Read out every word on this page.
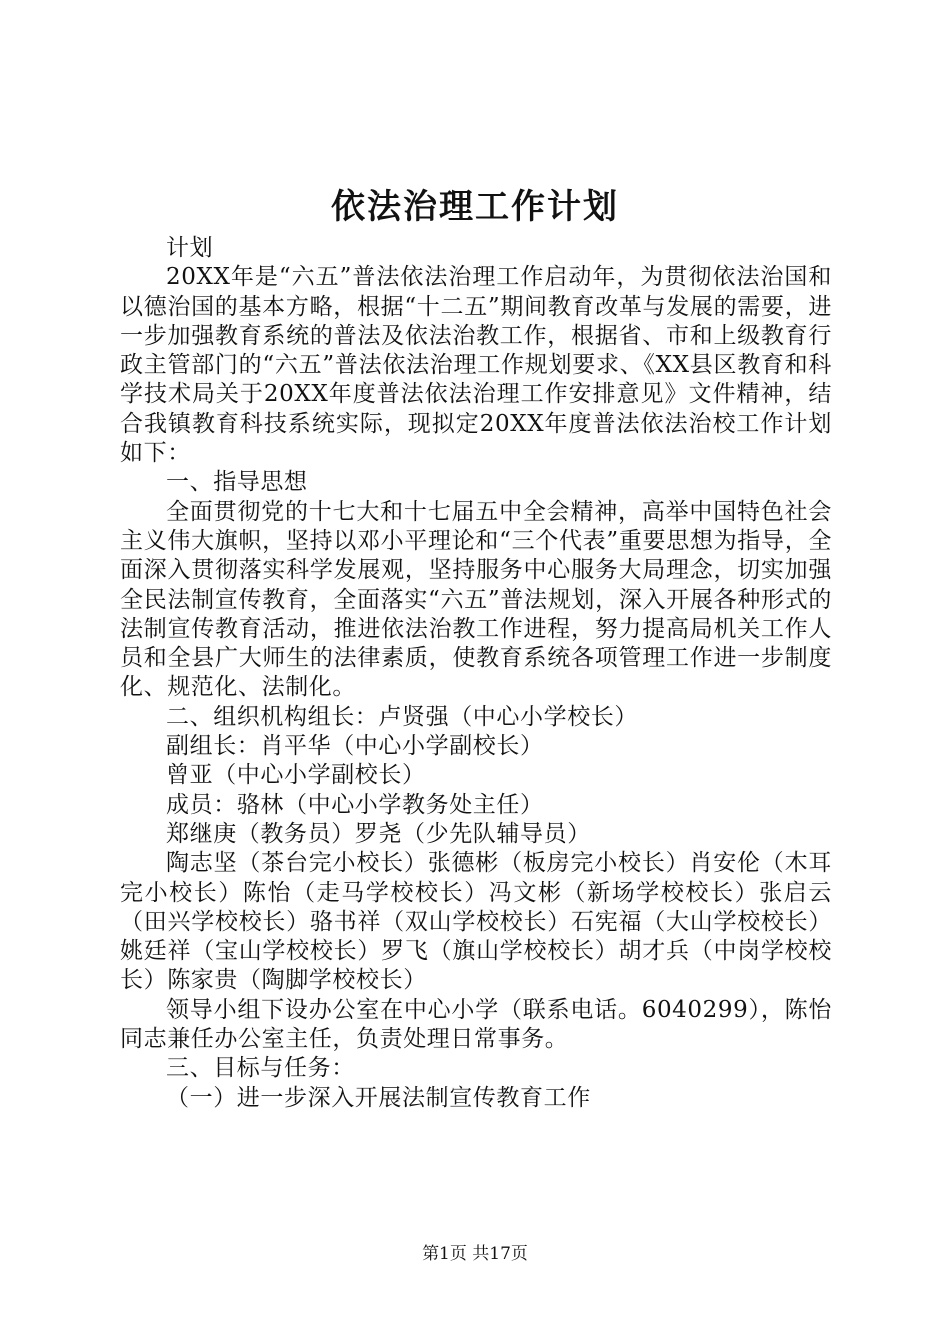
依法治理工作计划

计划

20XX年是“六五”普法依法治理工作启动年，为贯彻依法治国和以德治国的基本方略，根据“十二五”期间教育改革与发展的需要，进一步加强教育系统的普法及依法治教工作，根据省、市和上级教育行政主管部门的“六五”普法依法治理工作规划要求、《XX县区教育和科学技术局关于20XX年度普法依法治理工作安排意见》文件精神，结合我镇教育科技系统实际，现拟定20XX年度普法依法治校工作计划如下：

一、指导思想

全面贯彻党的十七大和十七届五中全会精神，高举中国特色社会主义伟大旗帜，坚持以邓小平理论和“三个代表”重要思想为指导，全面深入贯彻落实科学发展观，坚持服务中心服务大局理念，切实加强全民法制宣传教育，全面落实“六五”普法规划，深入开展各种形式的法制宣传教育活动，推进依法治教工作进程，努力提高局机关工作人员和全县广大师生的法律素质，使教育系统各项管理工作进一步制度化、规范化、法制化。

二、组织机构组长：卢贤强（中心小学校长）

副组长：肖平华（中心小学副校长）

曾亚（中心小学副校长）

成员：骆林（中心小学教务处主任）

郑继庚（教务员）罗尧（少先队辅导员）

陶志坚（茶台完小校长）张德彬（板房完小校长）肖安伦（木耳完小校长）陈怡（走马学校校长）冯文彬（新场学校校长）张启云（田兴学校校长）骆书祥（双山学校校长）石宪福（大山学校校长）姚廷祥（宝山学校校长）罗飞（旗山学校校长）胡才兵（中岗学校校长）陈家贵（陶脚学校校长）

领导小组下设办公室在中心小学（联系电话。6040299），陈怡同志兼任办公室主任，负责处理日常事务。

三、目标与任务：

（一）进一步深入开展法制宣传教育工作

第1页 共17页
